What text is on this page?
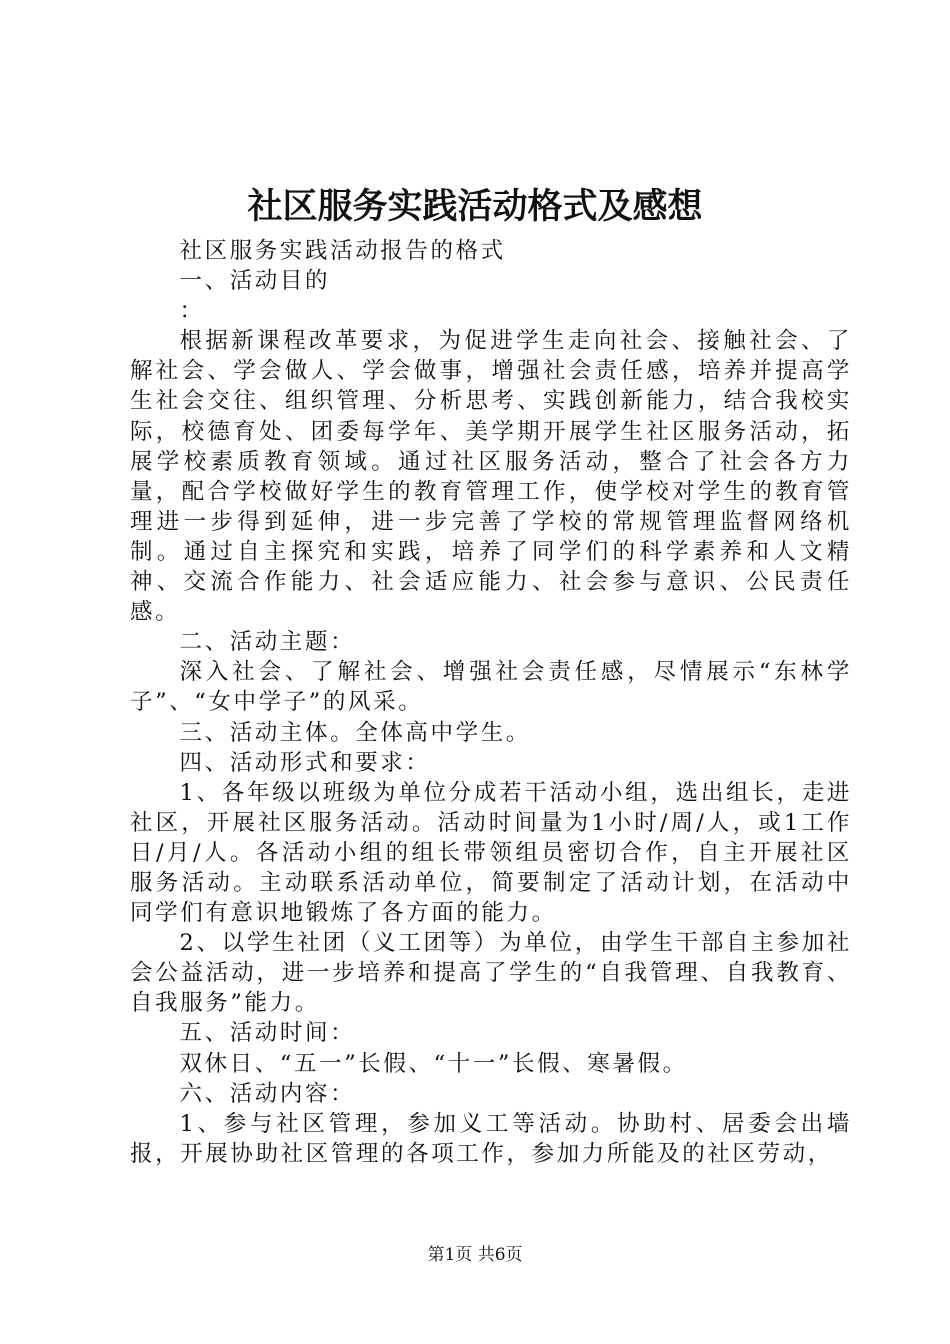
社区服务实践活动格式及感想

社区服务实践活动报告的格式

一、活动目的

：

根据新课程改革要求，为促进学生走向社会、接触社会、了解社会、学会做人、学会做事，增强社会责任感，培养并提高学生社会交往、组织管理、分析思考、实践创新能力，结合我校实际，校德育处、团委每学年、美学期开展学生社区服务活动，拓展学校素质教育领域。通过社区服务活动，整合了社会各方力量，配合学校做好学生的教育管理工作，使学校对学生的教育管理进一步得到延伸，进一步完善了学校的常规管理监督网络机制。通过自主探究和实践，培养了同学们的科学素养和人文精神、交流合作能力、社会适应能力、社会参与意识、公民责任感。

二、活动主题：

深入社会、了解社会、增强社会责任感，尽情展示“东林学子”、“女中学子”的风采。

三、活动主体。全体高中学生。

四、活动形式和要求：

1、各年级以班级为单位分成若干活动小组，选出组长，走进社区，开展社区服务活动。活动时间量为1小时/周/人，或1工作日/月/人。各活动小组的组长带领组员密切合作，自主开展社区服务活动。主动联系活动单位，简要制定了活动计划，在活动中同学们有意识地锻炼了各方面的能力。

2、以学生社团（义工团等）为单位，由学生干部自主参加社会公益活动，进一步培养和提高了学生的“自我管理、自我教育、自我服务”能力。

五、活动时间：

双休日、“五一”长假、“十一”长假、寒暑假。

六、活动内容：

1、参与社区管理，参加义工等活动。协助村、居委会出墙报，开展协助社区管理的各项工作，参加力所能及的社区劳动，

第1页 共6页
